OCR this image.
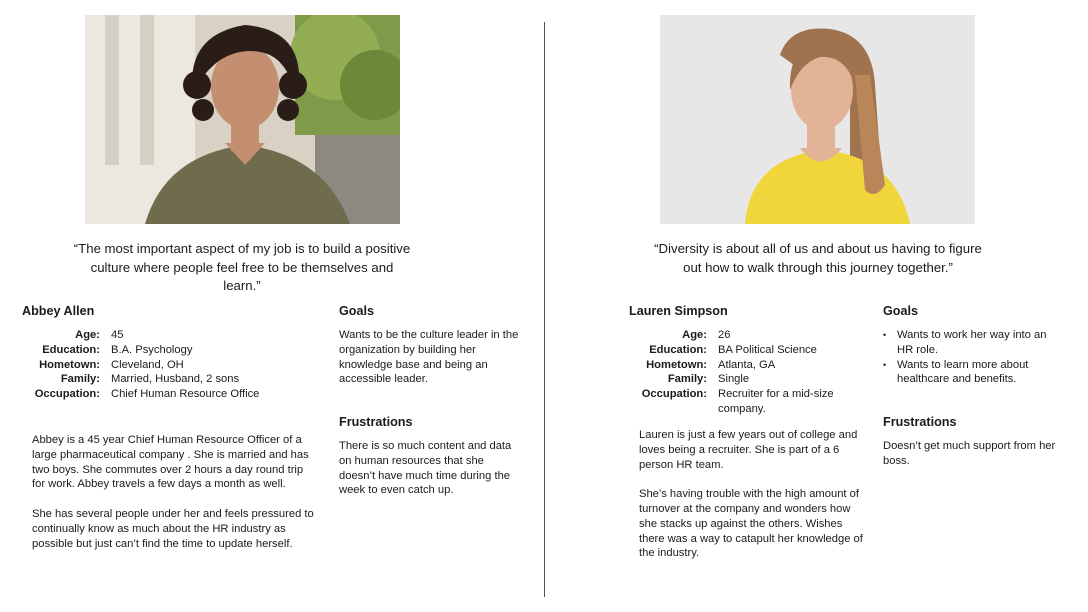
“The most important aspect of my job is to build a positive culture where people feel free to be themselves and learn.”
Abbey Allen
Age: 45
Education: B.A. Psychology
Hometown: Cleveland, OH
Family: Married, Husband, 2 sons
Occupation: Chief Human Resource Office

Abbey is a 45 year Chief Human Resource Officer of a large pharmaceutical company . She is married and has two boys. She commutes over 2 hours a day round trip for work. Abbey travels a few days a month as well.

She has several people under her and feels pressured to continually know as much about the HR industry as possible but just can’t find the time to update herself.

Goals
Wants to be the culture leader in the organization by building her knowledge base and being an accessible leader.
Frustrations
There is so much content and data on human resources that she doesn’t have much time during the week to even catch up.
“Diversity is about all of us and about us having to figure out how to walk through this journey together.”
Lauren Simpson
Age: 26
Education: BA Political Science
Hometown: Atlanta, GA
Family: Single
Occupation: Recruiter for a mid-size company.

Lauren is just a few years out of college and loves being a recruiter. She is part of a 6 person HR team.

She’s having trouble with the high amount of turnover at the company and wonders how she stacks up against the others. Wishes there was a way to catapult her knowledge of the industry.

Goals
• Wants to work her way into an HR role.
• Wants to learn more about healthcare and benefits.
Frustrations
Doesn’t get much support from her boss.
